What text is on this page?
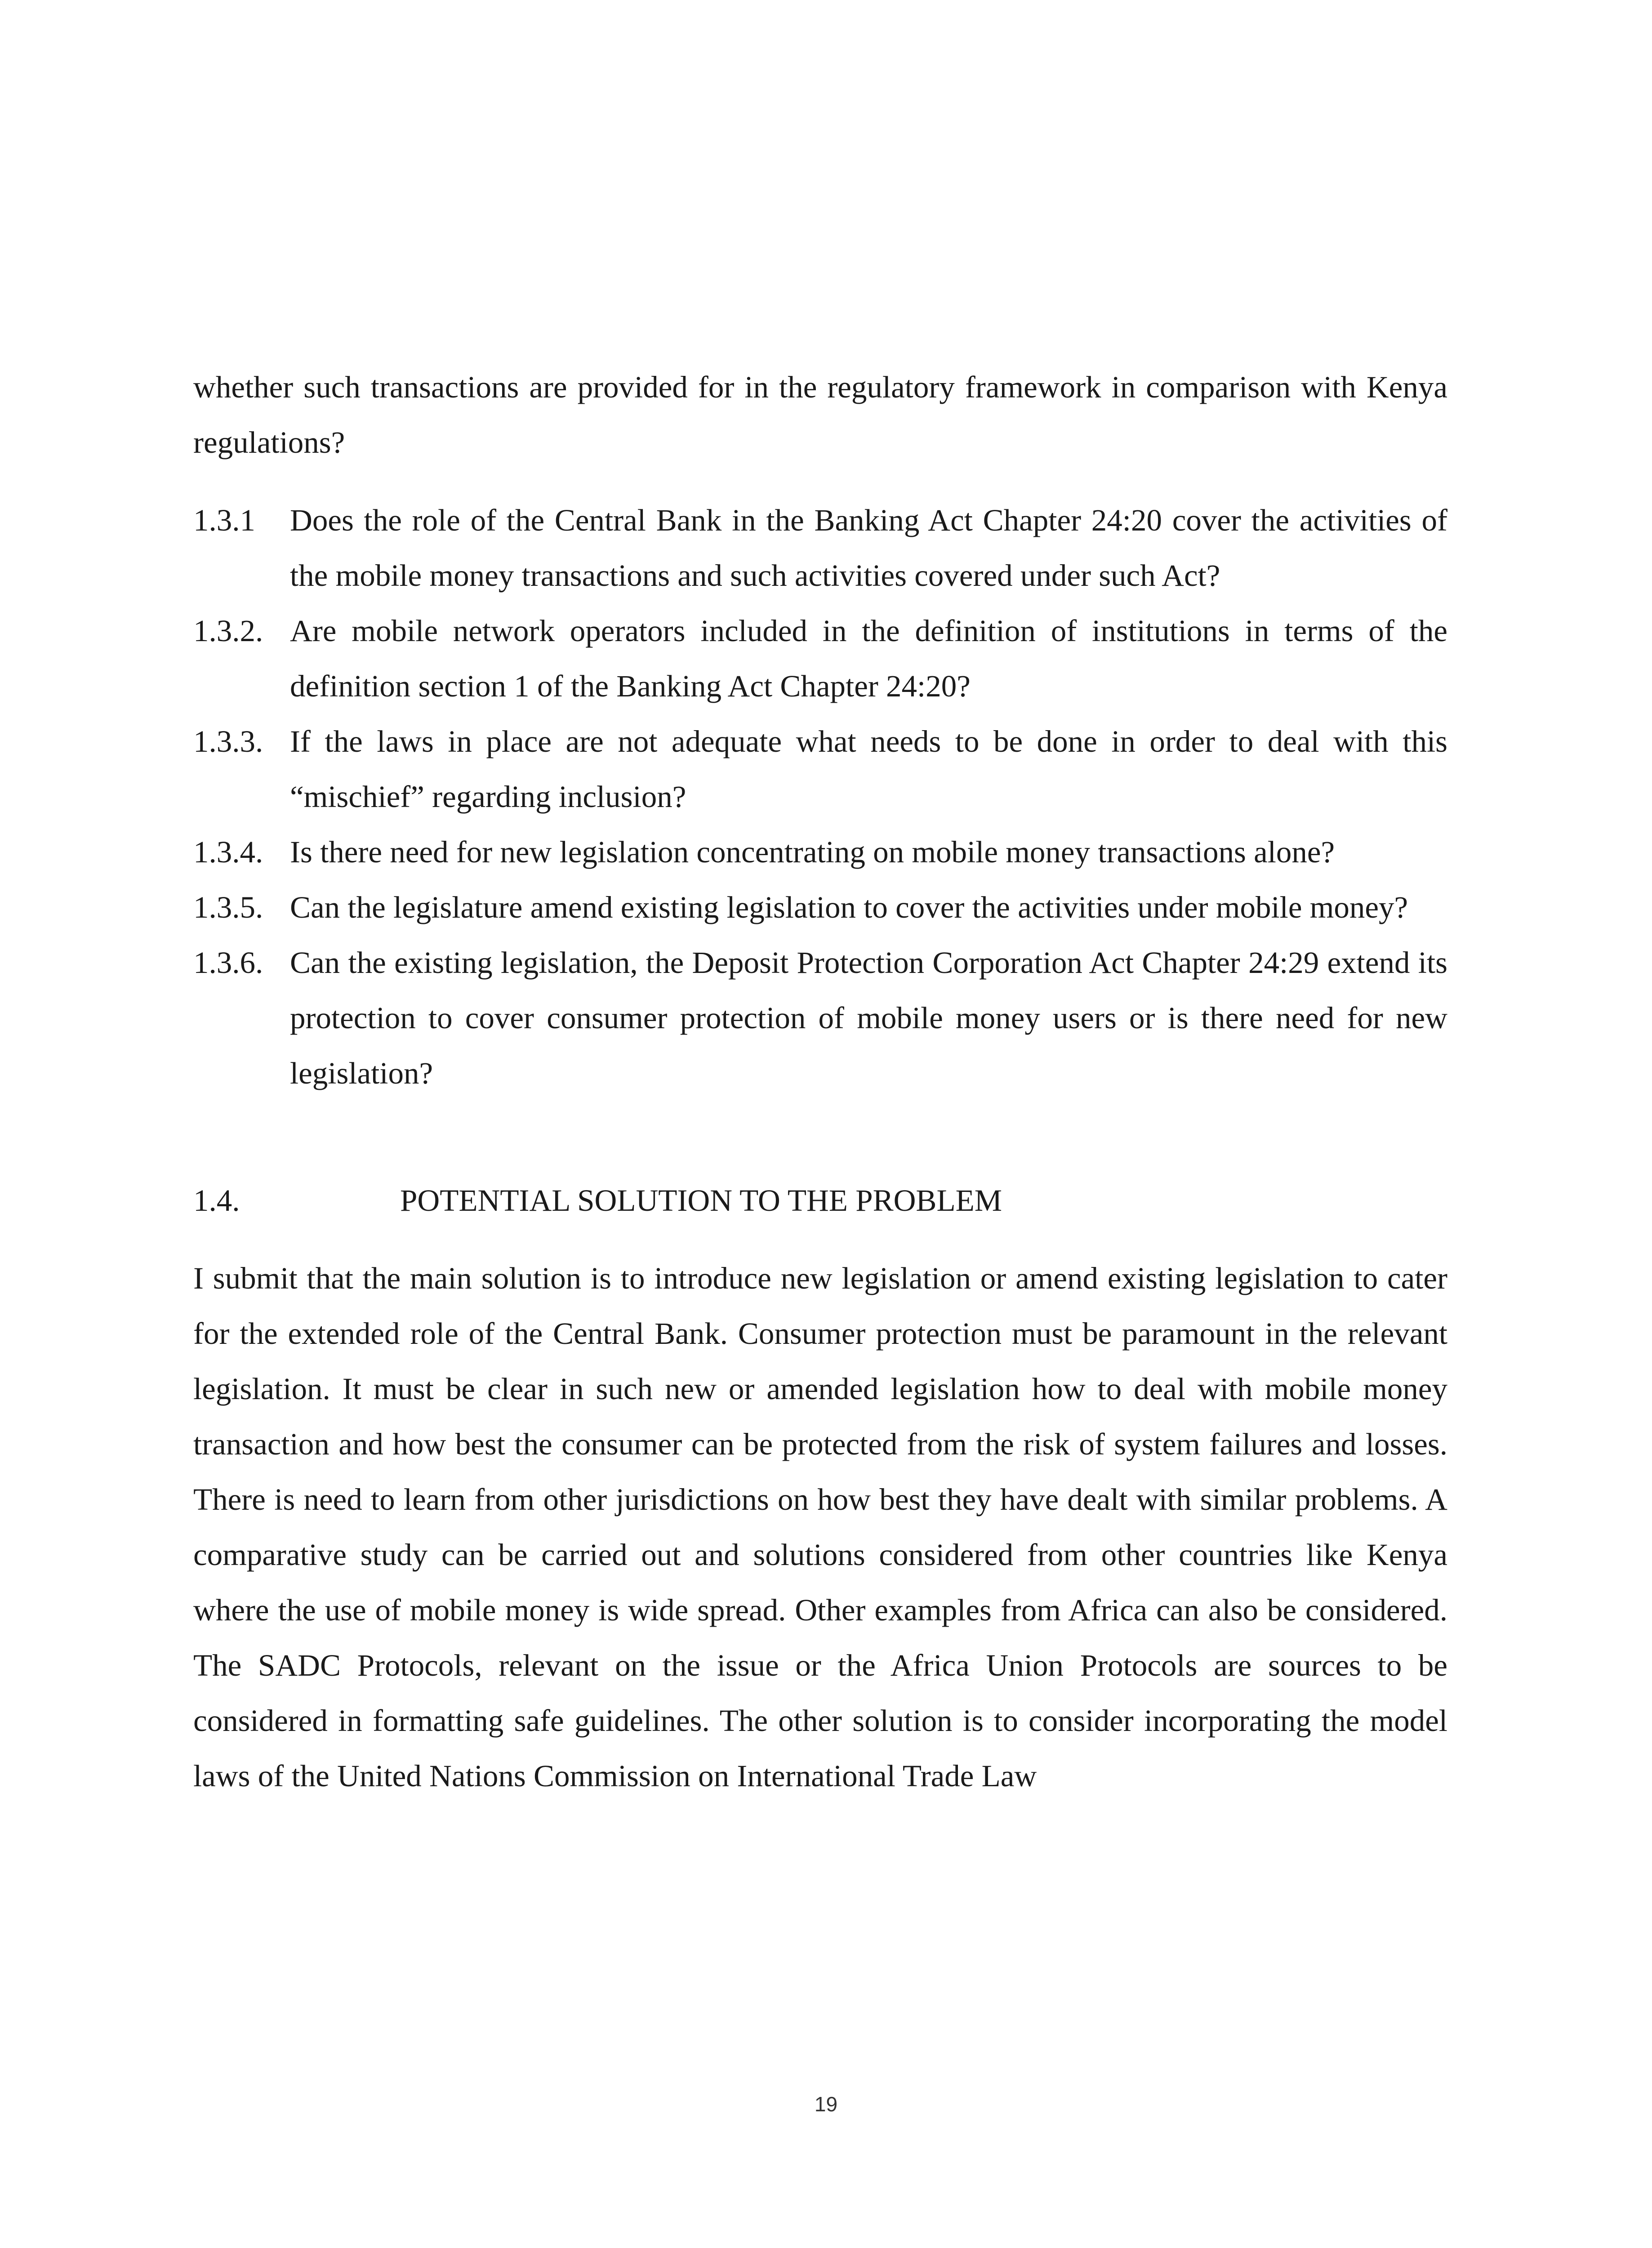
whether such transactions are provided for in the regulatory framework in comparison with Kenya regulations?

1.3.1	Does the role of the Central Bank in the Banking Act Chapter 24:20 cover the activities of the mobile money transactions and such activities covered under such Act?
1.3.2. Are mobile network operators included in the definition of institutions in terms of the definition section 1 of the Banking Act Chapter 24:20?
1.3.3. If the laws in place are not adequate what needs to be done in order to deal with this “mischief” regarding inclusion?
1.3.4. Is there need for new legislation concentrating on mobile money transactions alone?
1.3.5. Can the legislature amend existing legislation to cover the activities under mobile money?
1.3.6. Can the existing legislation, the Deposit Protection Corporation Act Chapter 24:29 extend its protection to cover consumer protection of mobile money users or is there need for new legislation?
1.4.	POTENTIAL SOLUTION TO THE PROBLEM

I submit that the main solution is to introduce new legislation or amend existing legislation to cater for the extended role of the Central Bank. Consumer protection must be paramount in the relevant legislation. It must be clear in such new or amended legislation how to deal with mobile money transaction and how best the consumer can be protected from the risk of system failures and losses. There is need to learn from other jurisdictions on how best they have dealt with similar problems. A comparative study can be carried out and solutions considered from other countries like Kenya where the use of mobile money is wide spread. Other examples from Africa can also be considered. The SADC Protocols, relevant on the issue or the Africa Union Protocols are sources to be considered in formatting safe guidelines. The other solution is to consider incorporating the model laws of the United Nations Commission on International Trade Law

19
